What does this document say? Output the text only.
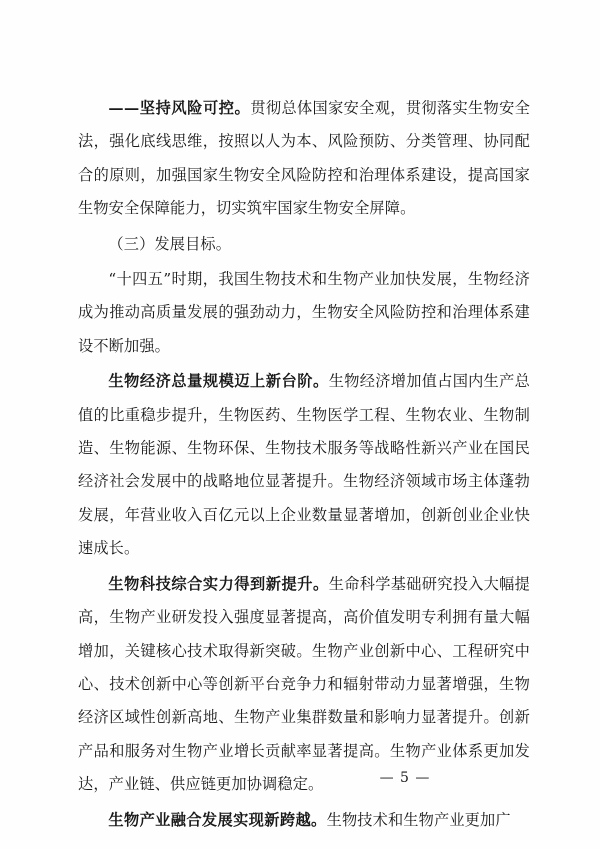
——坚持风险可控。贯彻总体国家安全观，贯彻落实生物安全法，强化底线思维，按照以人为本、风险预防、分类管理、协同配合的原则，加强国家生物安全风险防控和治理体系建设，提高国家生物安全保障能力，切实筑牢国家生物安全屏障。

（三）发展目标。

“十四五”时期，我国生物技术和生物产业加快发展，生物经济成为推动高质量发展的强劲动力，生物安全风险防控和治理体系建设不断加强。

生物经济总量规模迈上新台阶。生物经济增加值占国内生产总值的比重稳步提升，生物医药、生物医学工程、生物农业、生物制造、生物能源、生物环保、生物技术服务等战略性新兴产业在国民经济社会发展中的战略地位显著提升。生物经济领域市场主体蓬勃发展，年营业收入百亿元以上企业数量显著增加，创新创业企业快速成长。

生物科技综合实力得到新提升。生命科学基础研究投入大幅提高，生物产业研发投入强度显著提高，高价值发明专利拥有量大幅增加，关键核心技术取得新突破。生物产业创新中心、工程研究中心、技术创新中心等创新平台竞争力和辐射带动力显著增强，生物经济区域性创新高地、生物产业集群数量和影响力显著提升。创新产品和服务对生物产业增长贡献率显著提高。生物产业体系更加发达，产业链、供应链更加协调稳定。

生物产业融合发展实现新跨越。生物技术和生物产业更加广

— 5 —
